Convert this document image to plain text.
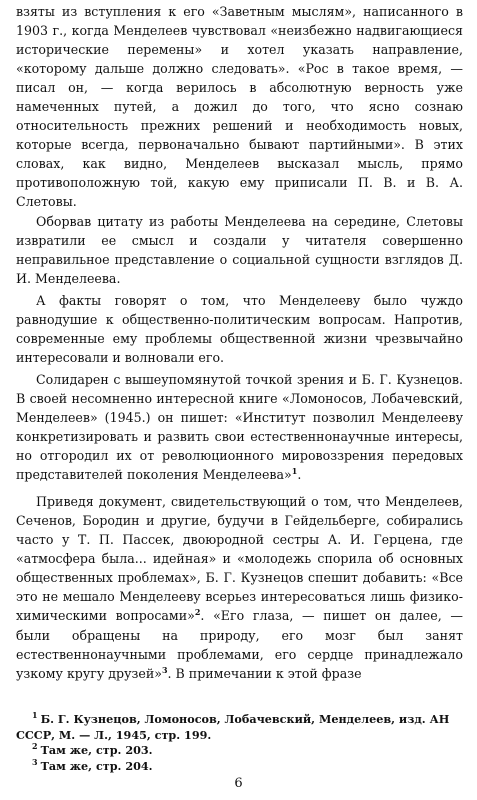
взяты из вступления к его «Заветным мыслям», написанного в 1903 г., когда Менделеев чувствовал «неизбежно надвигающиеся исторические перемены» и хотел указать направление, «которому дальше должно следовать». «Рос в такое время, — писал он, — когда верилось в абсолютную верность уже намеченных путей, а дожил до того, что ясно сознаю относительность прежних решений и необходимость новых, которые всегда, первоначально бывают партийными». В этих словах, как видно, Менделеев высказал мысль, прямо противоположную той, какую ему приписали П. В. и В. А. Слетовы.

Оборвав цитату из работы Менделеева на середине, Слетовы извратили ее смысл и создали у читателя совершенно неправильное представление о социальной сущности взглядов Д. И. Менделеева.

А факты говорят о том, что Менделееву было чуждо равнодушие к общественно-политическим вопросам. Напротив, современные ему проблемы общественной жизни чрезвычайно интересовали и волновали его.

Солидарен с вышеупомянутой точкой зрения и Б. Г. Кузнецов. В своей несомненно интересной книге «Ломоносов, Лобачевский, Менделеев» (1945.) он пишет: «Институт позволил Менделееву конкретизировать и развить свои естественнонаучные интересы, но отгородил их от революционного мировоззрения передовых представителей поколения Менделеева»$^1$.

Приведя документ, свидетельствующий о том, что Менделеев, Сеченов, Бородин и другие, будучи в Гейдельберге, собирались часто у Т. П. Пассек, двоюродной сестры А. И. Герцена, где «атмосфера была... идейная» и «молодежь спорила об основных общественных проблемах», Б. Г. Кузнецов спешит добавить: «Все это не мешало Менделееву всерьез интересоваться лишь физико-химическими вопросами»$^2$. «Его глаза, — пишет он далее, — были обращены на природу, его мозг был занят естественнонаучными проблемами, его сердце принадлежало узкому кругу друзей»$^3$. В примечании к этой фразе

$^1$ Б. Г. Кузнецов, Ломоносов, Лобачевский, Менделеев, изд. АН СССР, М. — Л., 1945, стр. 199.

$^2$ Там же, стр. 203.

$^3$ Там же, стр. 204.

6
